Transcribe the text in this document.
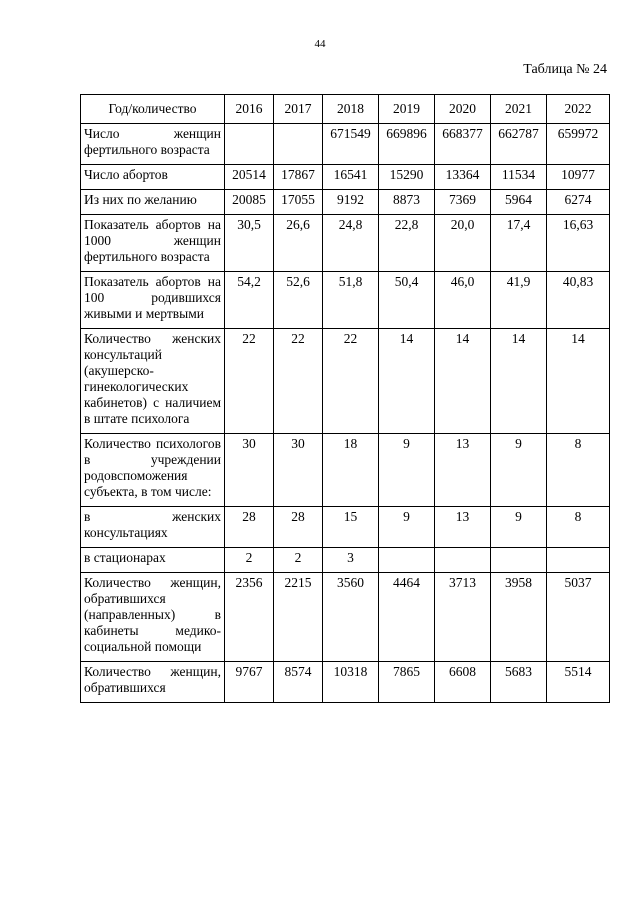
44
Таблица № 24
Год/количество	2016	2017	2018	2019	2020	2021	2022
Число женщин фертильного возраста			671549	669896	668377	662787	659972
Число абортов	20514	17867	16541	15290	13364	11534	10977
Из них по желанию	20085	17055	9192	8873	7369	5964	6274
Показатель абортов на 1000 женщин фертильного возраста	30,5	26,6	24,8	22,8	20,0	17,4	16,63
Показатель абортов на 100 родившихся живыми и мертвыми	54,2	52,6	51,8	50,4	46,0	41,9	40,83
Количество женских консультаций (акушерско-гинекологических кабинетов) с наличием в штате психолога	22	22	22	14	14	14	14
Количество психологов в учреждении родовспоможения субъекта, в том числе:	30	30	18	9	13	9	8
в женских консультациях	28	28	15	9	13	9	8
в стационарах	2	2	3				
Количество женщин, обратившихся (направленных) в кабинеты медико-социальной помощи	2356	2215	3560	4464	3713	3958	5037
Количество женщин, обратившихся	9767	8574	10318	7865	6608	5683	5514
